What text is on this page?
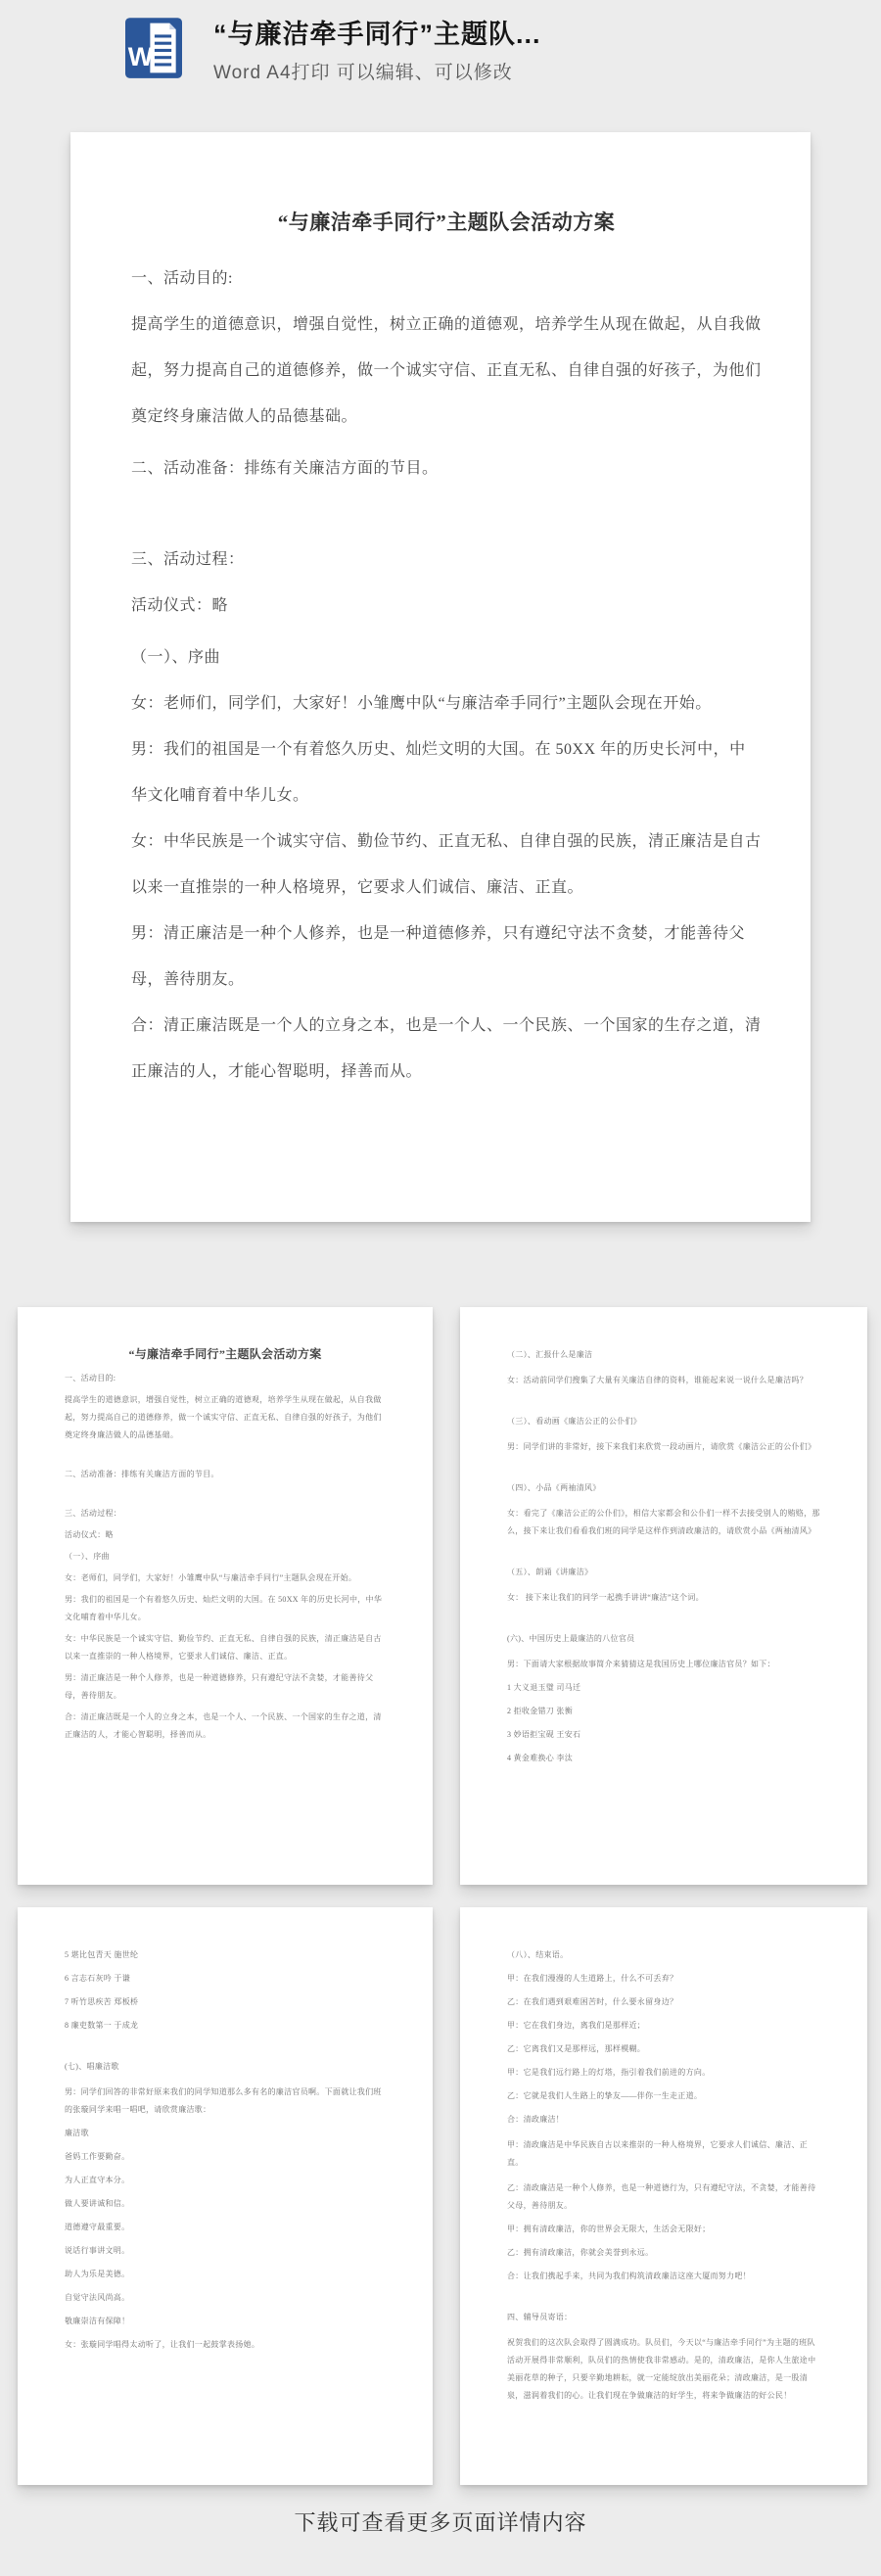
W
“与廉洁牵手同行”主题队...
Word A4打印 可以编辑、可以修改
“与廉洁牵手同行”主题队会活动方案
一、活动目的:
提高学生的道德意识，增强自觉性，树立正确的道德观，培养学生从现在做起，从自我做起，努力提高自己的道德修养，做一个诚实守信、正直无私、自律自强的好孩子，为他们奠定终身廉洁做人的品德基础。
二、活动准备：排练有关廉洁方面的节目。
三、活动过程：
活动仪式：略
（一）、序曲
女：老师们，同学们，大家好！小雏鹰中队“与廉洁牵手同行”主题队会现在开始。
男：我们的祖国是一个有着悠久历史、灿烂文明的大国。在 50XX 年的历史长河中，中华文化哺育着中华儿女。
女：中华民族是一个诚实守信、勤俭节约、正直无私、自律自强的民族，清正廉洁是自古以来一直推崇的一种人格境界，它要求人们诚信、廉洁、正直。
男：清正廉洁是一种个人修养，也是一种道德修养，只有遵纪守法不贪婪，才能善待父母，善待朋友。
合：清正廉洁既是一个人的立身之本，也是一个人、一个民族、一个国家的生存之道，清正廉洁的人，才能心智聪明，择善而从。
“与廉洁牵手同行”主题队会活动方案
一、活动目的:
提高学生的道德意识，增强自觉性，树立正确的道德观，培养学生从现在做起，从自我做起，努力提高自己的道德修养，做一个诚实守信、正直无私、自律自强的好孩子，为他们奠定终身廉洁做人的品德基础。
二、活动准备：排练有关廉洁方面的节目。
三、活动过程：
活动仪式：略
（一）、序曲
女：老师们，同学们，大家好！小雏鹰中队“与廉洁牵手同行”主题队会现在开始。
男：我们的祖国是一个有着悠久历史、灿烂文明的大国。在 50XX 年的历史长河中，中华文化哺育着中华儿女。
女：中华民族是一个诚实守信、勤俭节约、正直无私、自律自强的民族，清正廉洁是自古以来一直推崇的一种人格境界，它要求人们诚信、廉洁、正直。
男：清正廉洁是一种个人修养，也是一种道德修养，只有遵纪守法不贪婪，才能善待父母，善待朋友。
合：清正廉洁既是一个人的立身之本，也是一个人、一个民族、一个国家的生存之道，清正廉洁的人，才能心智聪明，择善而从。
（二）、汇报什么是廉洁
女：活动前同学们搜集了大量有关廉洁自律的资料，谁能起来说一说什么是廉洁吗？
（三）、看动画《廉洁公正的公仆们》
男：同学们讲的非常好，接下来我们来欣赏一段动画片，请欣赏《廉洁公正的公仆们》
（四）、小品《两袖清风》
女：看完了《廉洁公正的公仆们》，相信大家都会和公仆们一样不去接受别人的贿赂，那么，接下来让我们看看我们班的同学是这样作到清政廉洁的，请欣赏小品《两袖清风》
（五）、朗诵《讲廉洁》
女： 接下来让我们的同学一起携手讲讲“廉洁”这个词。
(六)、中国历史上最廉洁的八位官员
男：下面请大家根据故事简介来猜猜这是我国历史上哪位廉洁官员？如下：
1 大义退玉璧 司马迁
2 拒收金错刀 张衡
3 妙语拒宝砚 王安石
4 黄金难换心 李汰
5 堪比包青天 施世纶
6 言志石灰吟 于谦
7 听竹思疾苦 郑板桥
8 廉吏数第一 于成龙
(七)、唱廉洁歌
男：同学们回答的非常好原来我们的同学知道那么多有名的廉洁官员啊。下面就让我们班的张璇同学来唱一唱吧，请欣赏廉洁歌：
廉洁歌
爸妈工作要勤奋。
为人正直守本分。
做人要讲诚和信。
道德遵守最重要。
说话行事讲文明。
助人为乐是美德。
自觉守法风尚高。
敬廉崇洁有保障！
女：张璇同学唱得太动听了，让我们一起鼓掌表扬她。
（八）、结束语。
甲：在我们漫漫的人生道路上，什么不可丢弃？
乙：在我们遇到艰难困苦时，什么要永留身边？
甲：它在我们身边，离我们是那样近；
乙：它离我们又是那样远，那样模糊。
甲：它是我们远行路上的灯塔，指引着我们前进的方向。
乙：它就是我们人生路上的挚友——伴你一生走正道。
合：清政廉洁！
甲：清政廉洁是中华民族自古以来推崇的一种人格境界，它要求人们诚信、廉洁、正直。
乙：清政廉洁是一种个人修养，也是一种道德行为，只有遵纪守法，不贪婪，才能善待父母，善待朋友。
甲：拥有清政廉洁，你的世界会无限大，生活会无限好；
乙：拥有清政廉洁，你就会美誉到永远。
合：让我们携起手来，共同为我们构筑清政廉洁这座大厦而努力吧！
四、辅导员寄语：
祝贺我们的这次队会取得了圆满成功。队员们，今天以“与廉洁牵手同行”为主题的班队活动开展得非常顺利，队员们的热情使我非常感动。是的，清政廉洁，是你人生旅途中美丽花草的种子，只要辛勤地耕耘，就一定能绽放出美丽花朵；清政廉洁，是一股清泉，滋润着我们的心。让我们现在争做廉洁的好学生，将来争做廉洁的好公民！
下载可查看更多页面详情内容
